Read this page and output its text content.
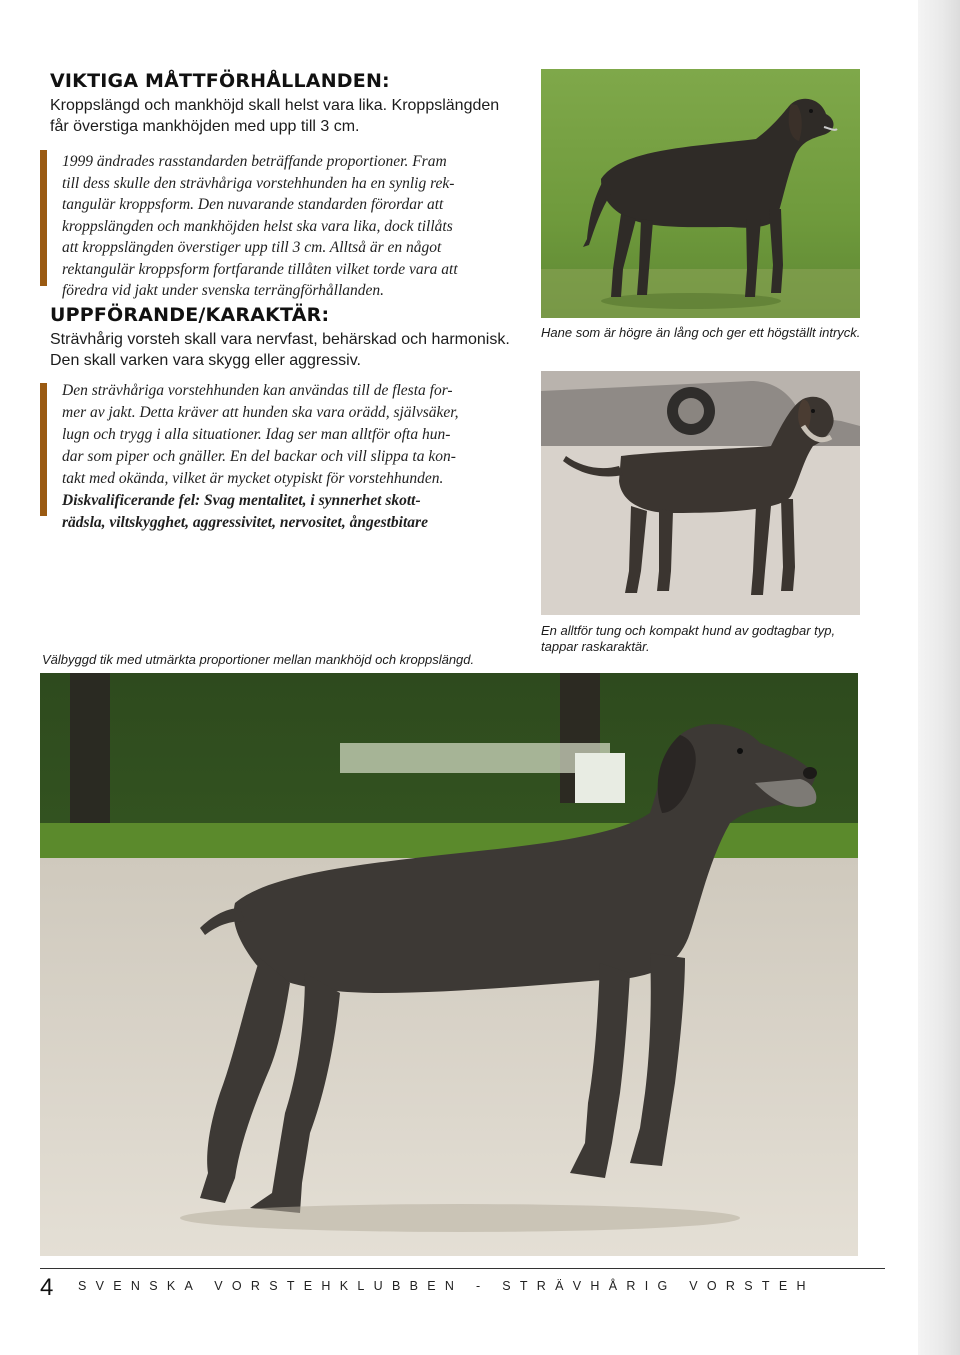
VIKTIGA MÅTTFÖRHÅLLANDEN:

Kroppslängd och mankhöjd skall helst vara lika. Kroppslängden

får överstiga mankhöjden med upp till 3 cm.

1999 ändrades rasstandarden beträffande proportioner. Fram

till dess skulle den strävhåriga vorstehhunden ha en synlig rek-

tangulär kroppsform. Den nuvarande standarden förordar att

kroppslängden och mankhöjden helst ska vara lika, dock tillåts

att kroppslängden överstiger upp till 3 cm. Alltså är en något

rektangulär kroppsform fortfarande tillåten vilket torde vara att

föredra vid jakt under svenska terrängförhållanden.

UPPFÖRANDE/KARAKTÄR:

Strävhårig vorsteh skall vara nervfast, behärskad och harmonisk.

Den skall varken vara skygg eller aggressiv.

Den strävhåriga vorstehhunden kan användas till de flesta for-

mer av jakt. Detta kräver att hunden ska vara orädd, självsäker,

lugn och trygg i alla situationer. Idag ser man alltför ofta hun-

dar som piper och gnäller. En del backar och vill slippa ta kon-

takt med okända, vilket är mycket otypiskt för vorstehhunden.

Diskvalificerande fel: Svag mentalitet, i synnerhet skott-

rädsla, viltskygghet, aggressivitet, nervositet, ångestbitare

Hane som är högre än lång och ger ett högställt intryck.

En alltför tung och kompakt hund av godtagbar typ,

tappar raskaraktär.

Välbyggd tik med utmärkta proportioner mellan mankhöjd och kroppslängd.

4 SVENSKA VORSTEHKLUBBEN - STRÄVHÅRIG VORSTEH
